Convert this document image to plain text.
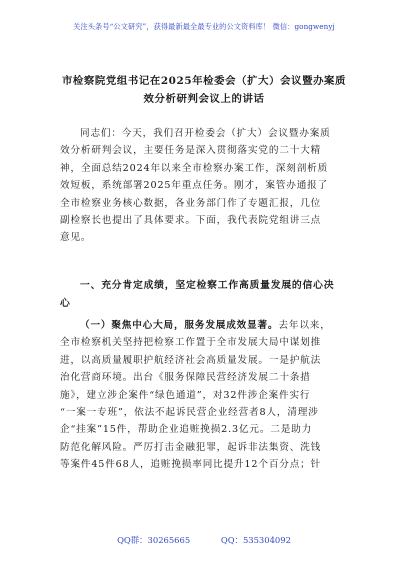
关注头条号“公文研究”，获得最新最全最专业的公文资料库！ 微信：gongwenyj
市检察院党组书记在2025年检委会（扩大）会议暨办案质
效分析研判会议上的讲话
同志们：今天，我们召开检委会（扩大）会议暨办案质
效分析研判会议，主要任务是深入贯彻落实党的二十大精
神，全面总结2024年以来全市检察办案工作，深刻剖析质
效短板，系统部署2025年重点任务。刚才，案管办通报了
全市检察业务核心数据，各业务部门作了专题汇报，几位
副检察长也提出了具体要求。下面，我代表院党组讲三点
意见。
一、充分肯定成绩，坚定检察工作高质量发展的信心决
心
（一）聚焦中心大局，服务发展成效显著。去年以来，
全市检察机关坚持把检察工作置于全市发展大局中谋划推
进，以高质量履职护航经济社会高质量发展。一是护航法
治化营商环境。出台《服务保障民营经济发展二十条措
施》，建立涉企案件“绿色通道”，对32件涉企案件实行
“一案一专班”，依法不起诉民营企业经营者8人，清理涉
企“挂案”15件，帮助企业追赃挽损2.3亿元。二是助力
防范化解风险。严厉打击金融犯罪，起诉非法集资、洗钱
等案件45件68人，追赃挽损率同比提升12个百分点；针
QQ群：30265665	QQ：535304092
